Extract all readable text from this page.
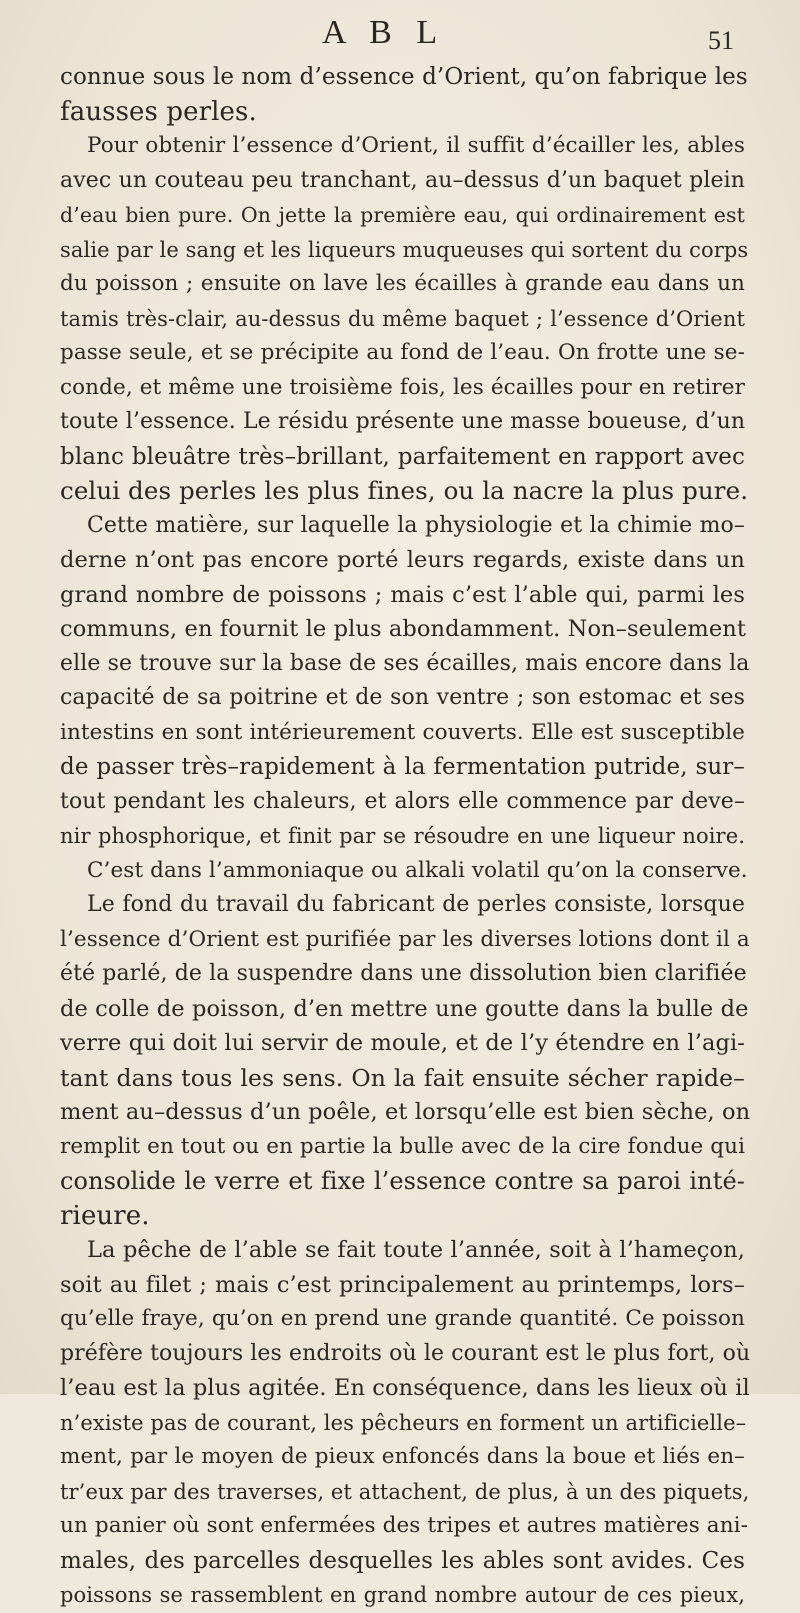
A B L	51
connue sous le nom d’essence d’Orient, qu’on fabrique les
fausses perles.
Pour obtenir l’essence d’Orient, il suffit d’écailler les, ables
avec un couteau peu tranchant, au–dessus d’un baquet plein
d’eau bien pure. On jette la première eau, qui ordinairement est
salie par le sang et les liqueurs muqueuses qui sortent du corps
du poisson ; ensuite on lave les écailles à grande eau dans un
tamis très-clair, au-dessus du même baquet ; l’essence d’Orient
passe seule, et se précipite au fond de l’eau. On frotte une se-
conde, et même une troisième fois, les écailles pour en retirer
toute l’essence. Le résidu présente une masse boueuse, d’un
blanc bleuâtre très–brillant, parfaitement en rapport avec
celui des perles les plus fines, ou la nacre la plus pure.
Cette matière, sur laquelle la physiologie et la chimie mo–
derne n’ont pas encore porté leurs regards, existe dans un
grand nombre de poissons ; mais c’est l’able qui, parmi les
communs, en fournit le plus abondamment. Non–seulement
elle se trouve sur la base de ses écailles, mais encore dans la
capacité de sa poitrine et de son ventre ; son estomac et ses
intestins en sont intérieurement couverts. Elle est susceptible
de passer très–rapidement à la fermentation putride, sur–
tout pendant les chaleurs, et alors elle commence par deve–
nir phosphorique, et finit par se résoudre en une liqueur noire.
C’est dans l’ammoniaque ou alkali volatil qu’on la conserve.
Le fond du travail du fabricant de perles consiste, lorsque
l’essence d’Orient est purifiée par les diverses lotions dont il a
été parlé, de la suspendre dans une dissolution bien clarifiée
de colle de poisson, d’en mettre une goutte dans la bulle de
verre qui doit lui servir de moule, et de l’y étendre en l’agi-
tant dans tous les sens. On la fait ensuite sécher rapide–
ment au–dessus d’un poêle, et lorsqu’elle est bien sèche, on
remplit en tout ou en partie la bulle avec de la cire fondue qui
consolide le verre et fixe l’essence contre sa paroi inté-
rieure.
La pêche de l’able se fait toute l’année, soit à l’hameçon,
soit au filet ; mais c’est principalement au printemps, lors–
qu’elle fraye, qu’on en prend une grande quantité. Ce poisson
préfère toujours les endroits où le courant est le plus fort, où
l’eau est la plus agitée. En conséquence, dans les lieux où il
n’existe pas de courant, les pêcheurs en forment un artificielle–
ment, par le moyen de pieux enfoncés dans la boue et liés en–
tr’eux par des traverses, et attachent, de plus, à un des piquets,
un panier où sont enfermées des tripes et autres matières ani-
males, des parcelles desquelles les ables sont avides. Ces
poissons se rassemblent en grand nombre autour de ces pieux,
